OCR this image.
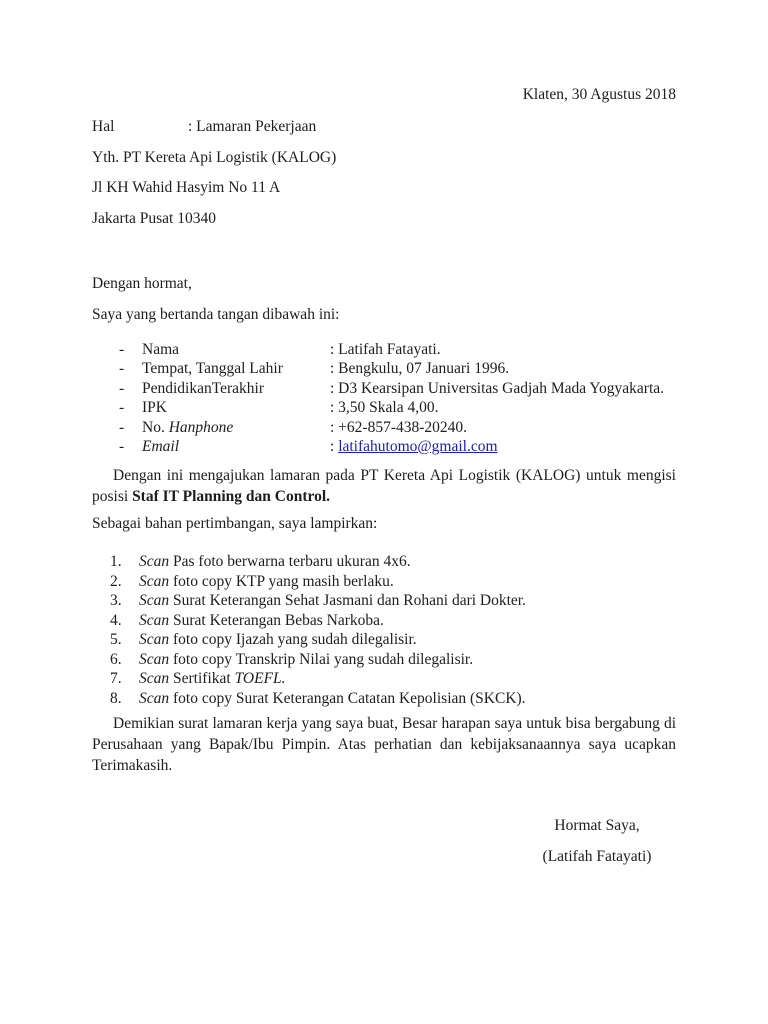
Klaten, 30 Agustus 2018

Hal	: Lamaran Pekerjaan

Yth. PT Kereta Api Logistik (KALOG)

Jl KH Wahid Hasyim No 11 A

Jakarta Pusat 10340

Dengan hormat,

Saya yang bertanda tangan dibawah ini:

-	Nama	: Latifah Fatayati.
-	Tempat, Tanggal Lahir	: Bengkulu, 07 Januari 1996.
-	PendidikanTerakhir	: D3 Kearsipan Universitas Gadjah Mada Yogyakarta.
-	IPK	: 3,50 Skala 4,00.
-	No. Hanphone	: +62-857-438-20240.
-	Email	: latifahutomo@gmail.com

Dengan ini mengajukan lamaran pada PT Kereta Api Logistik (KALOG) untuk mengisi posisi Staf IT Planning dan Control.

Sebagai bahan pertimbangan, saya lampirkan:

1.	Scan Pas foto berwarna terbaru ukuran 4x6.
2.	Scan foto copy KTP yang masih berlaku.
3.	Scan Surat Keterangan Sehat Jasmani dan Rohani dari Dokter.
4.	Scan Surat Keterangan Bebas Narkoba.
5.	Scan foto copy Ijazah yang sudah dilegalisir.
6.	Scan foto copy Transkrip Nilai yang sudah dilegalisir.
7.	Scan Sertifikat TOEFL.
8.	Scan foto copy Surat Keterangan Catatan Kepolisian (SKCK).

Demikian surat lamaran kerja yang saya buat, Besar harapan saya untuk bisa bergabung di Perusahaan yang Bapak/Ibu Pimpin. Atas perhatian dan kebijaksanaannya saya ucapkan Terimakasih.

Hormat Saya,

(Latifah Fatayati)
